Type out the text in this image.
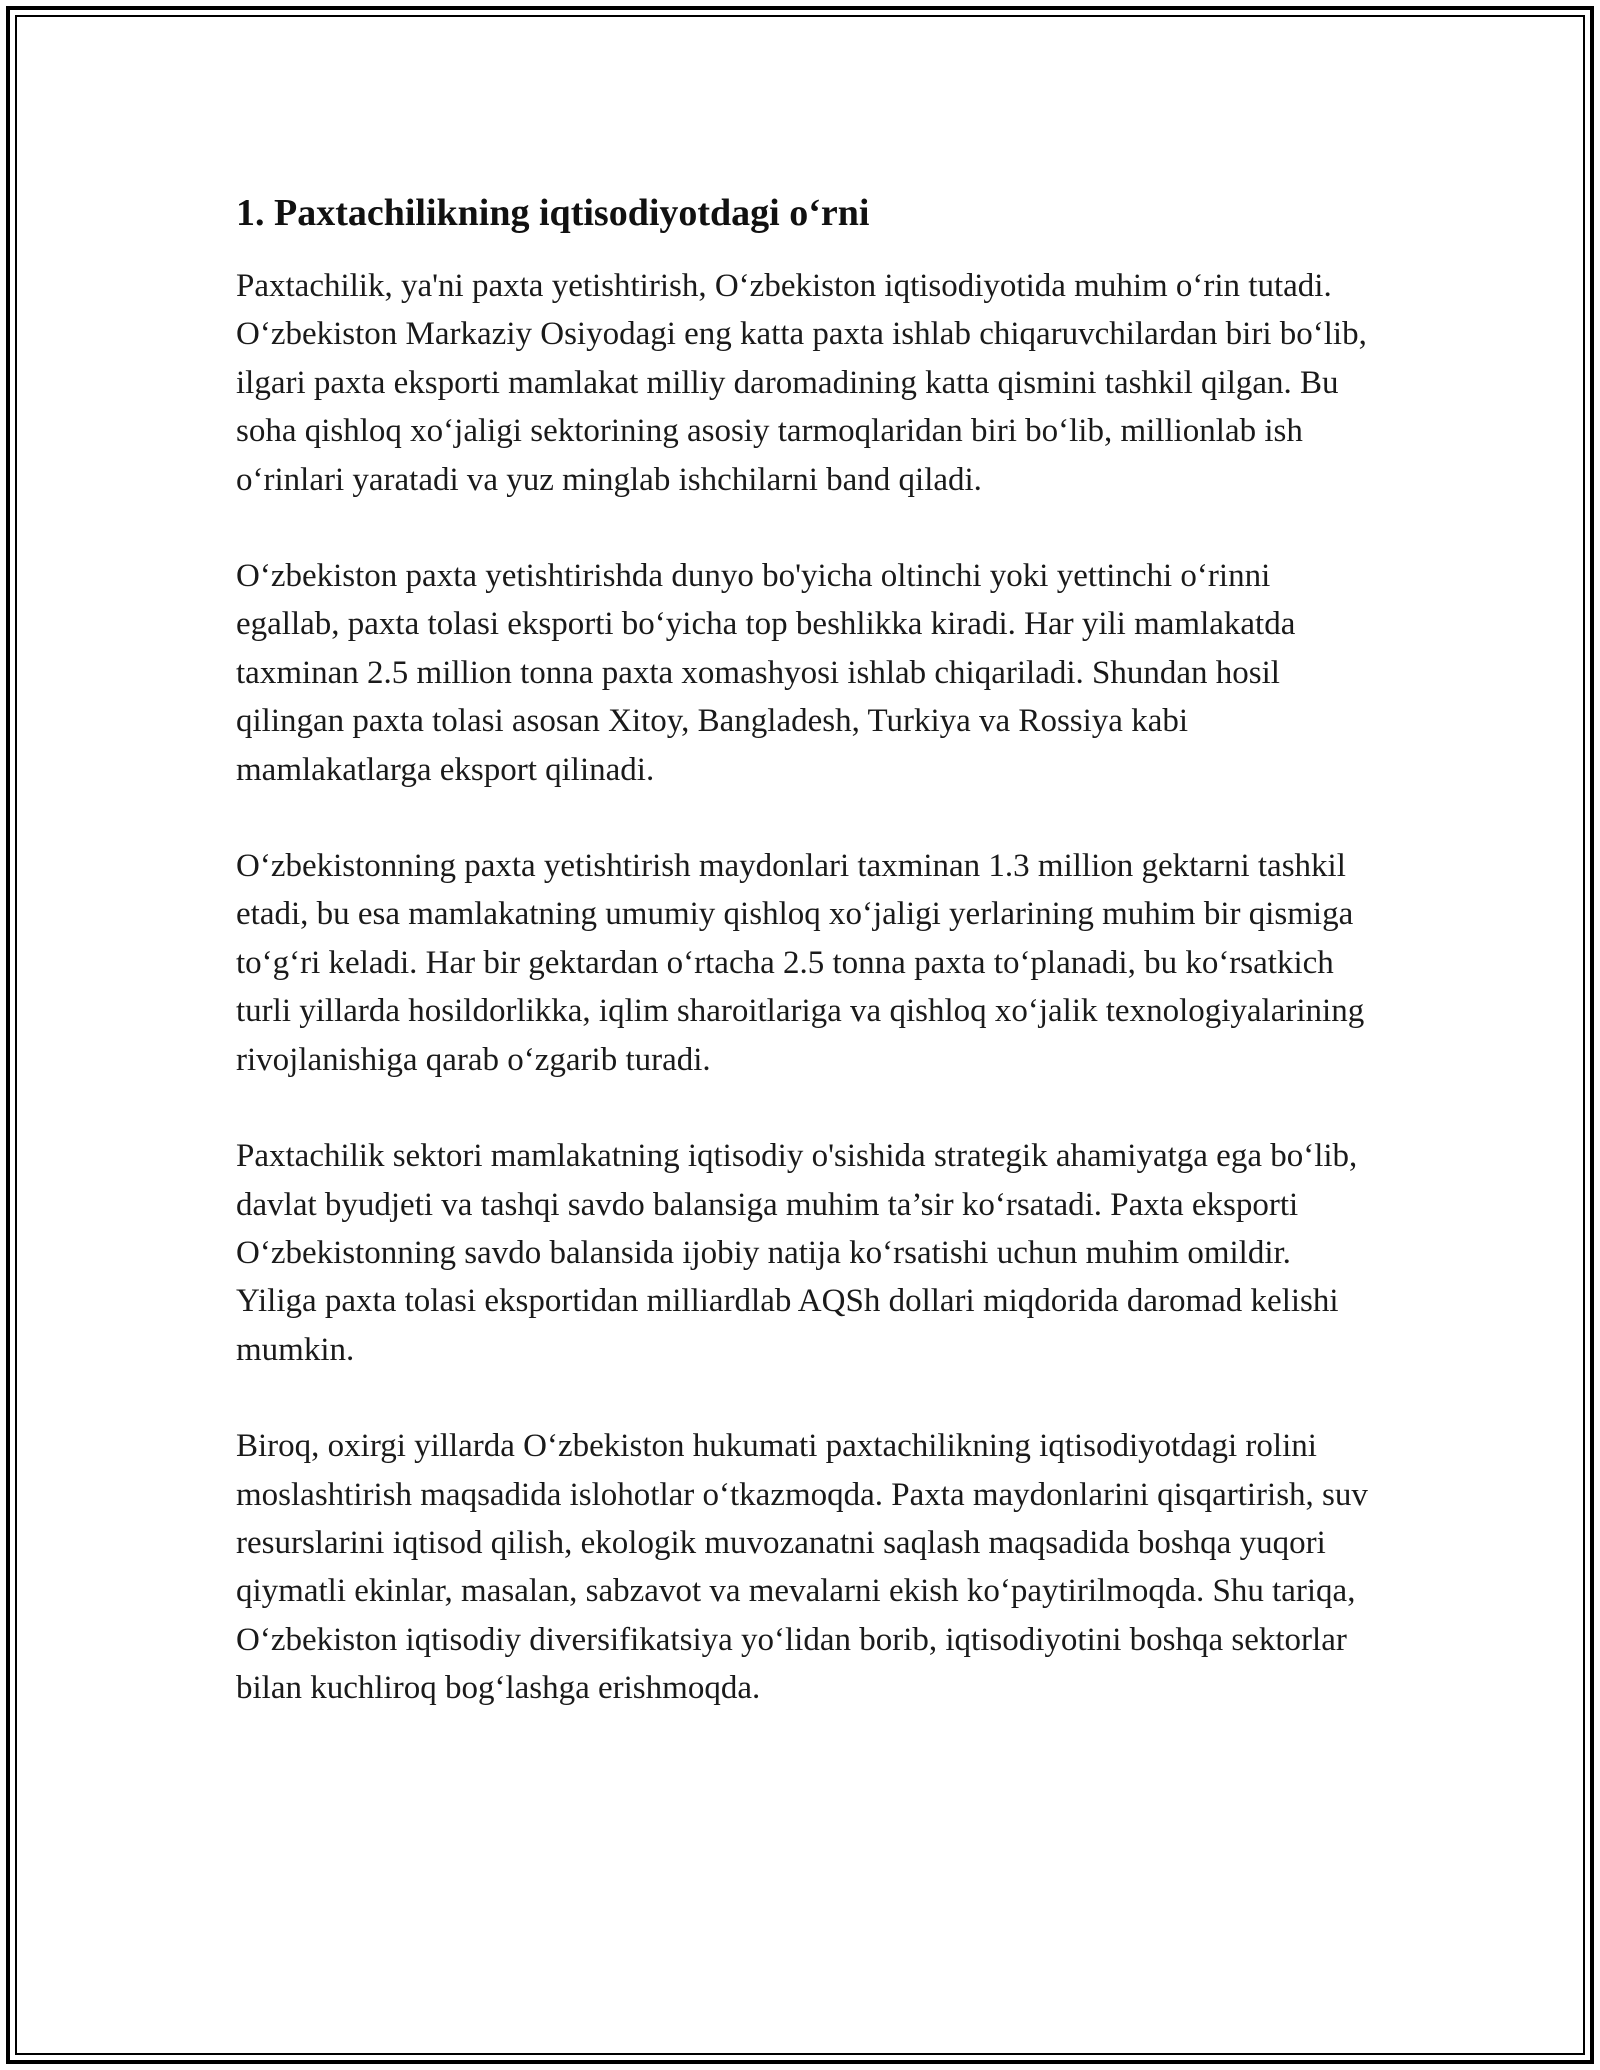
1. Paxtachilikning iqtisodiyotdagi o‘rni

Paxtachilik, ya'ni paxta yetishtirish, O‘zbekiston iqtisodiyotida muhim o‘rin tutadi. O‘zbekiston Markaziy Osiyodagi eng katta paxta ishlab chiqaruvchilardan biri bo‘lib, ilgari paxta eksporti mamlakat milliy daromadining katta qismini tashkil qilgan. Bu soha qishloq xo‘jaligi sektorining asosiy tarmoqlaridan biri bo‘lib, millionlab ish o‘rinlari yaratadi va yuz minglab ishchilarni band qiladi.

O‘zbekiston paxta yetishtirishda dunyo bo'yicha oltinchi yoki yettinchi o‘rinni egallab, paxta tolasi eksporti bo‘yicha top beshlikka kiradi. Har yili mamlakatda taxminan 2.5 million tonna paxta xomashyosi ishlab chiqariladi. Shundan hosil qilingan paxta tolasi asosan Xitoy, Bangladesh, Turkiya va Rossiya kabi mamlakatlarga eksport qilinadi.

O‘zbekistonning paxta yetishtirish maydonlari taxminan 1.3 million gektarni tashkil etadi, bu esa mamlakatning umumiy qishloq xo‘jaligi yerlarining muhim bir qismiga to‘g‘ri keladi. Har bir gektardan o‘rtacha 2.5 tonna paxta to‘planadi, bu ko‘rsatkich turli yillarda hosildorlikka, iqlim sharoitlariga va qishloq xo‘jalik texnologiyalarining rivojlanishiga qarab o‘zgarib turadi.

Paxtachilik sektori mamlakatning iqtisodiy o'sishida strategik ahamiyatga ega bo‘lib, davlat byudjeti va tashqi savdo balansiga muhim ta’sir ko‘rsatadi. Paxta eksporti O‘zbekistonning savdo balansida ijobiy natija ko‘rsatishi uchun muhim omildir. Yiliga paxta tolasi eksportidan milliardlab AQSh dollari miqdorida daromad kelishi mumkin.

Biroq, oxirgi yillarda O‘zbekiston hukumati paxtachilikning iqtisodiyotdagi rolini moslashtirish maqsadida islohotlar o‘tkazmoqda. Paxta maydonlarini qisqartirish, suv resurslarini iqtisod qilish, ekologik muvozanatni saqlash maqsadida boshqa yuqori qiymatli ekinlar, masalan, sabzavot va mevalarni ekish ko‘paytirilmoqda. Shu tariqa, O‘zbekiston iqtisodiy diversifikatsiya yo‘lidan borib, iqtisodiyotini boshqa sektorlar bilan kuchliroq bog‘lashga erishmoqda.
